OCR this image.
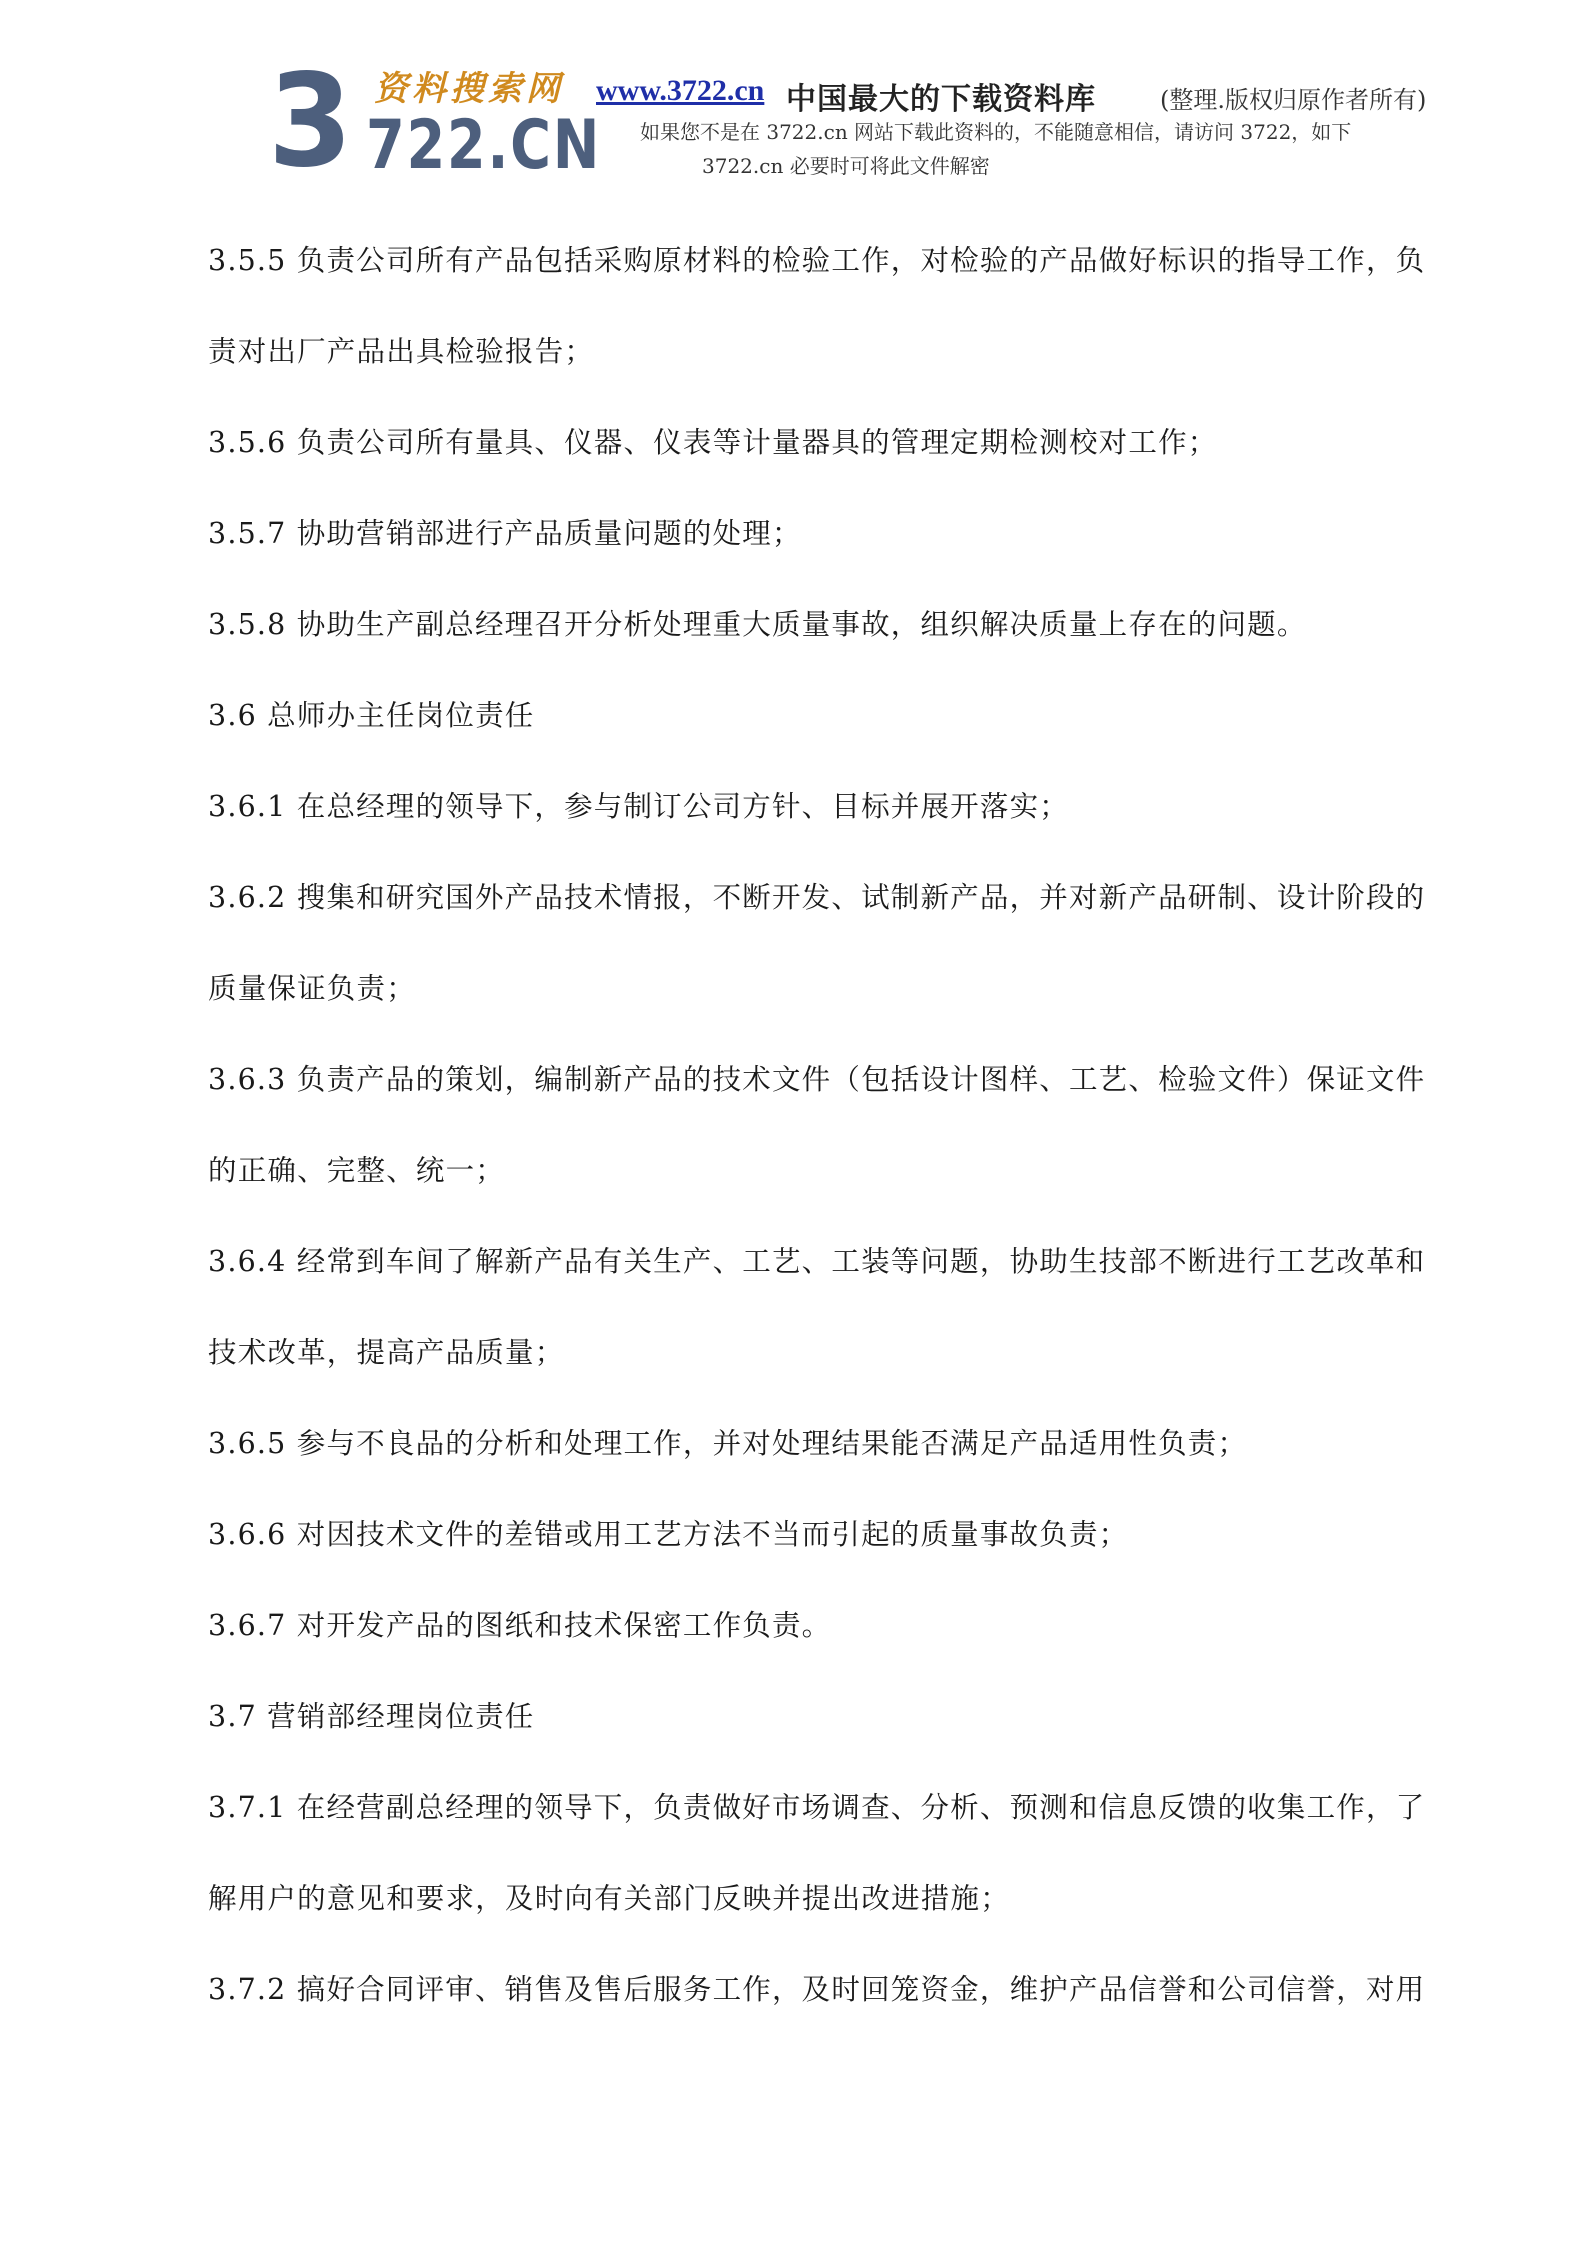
3 资料搜索网
722.CN
www.3722.cn 中国最大的下载资料库	(整理.版权归原作者所有)
如果您不是在 3722.cn 网站下载此资料的，不能随意相信，请访问 3722，如下
3722.cn 必要时可将此文件解密
3.5.5 负责公司所有产品包括采购原材料的检验工作，对检验的产品做好标识的指导工作，负
责对出厂产品出具检验报告；
3.5.6 负责公司所有量具、仪器、仪表等计量器具的管理定期检测校对工作；
3.5.7 协助营销部进行产品质量问题的处理；
3.5.8 协助生产副总经理召开分析处理重大质量事故，组织解决质量上存在的问题。
3.6 总师办主任岗位责任
3.6.1 在总经理的领导下，参与制订公司方针、目标并展开落实；
3.6.2 搜集和研究国外产品技术情报，不断开发、试制新产品，并对新产品研制、设计阶段的
质量保证负责；
3.6.3 负责产品的策划，编制新产品的技术文件（包括设计图样、工艺、检验文件）保证文件
的正确、完整、统一；
3.6.4 经常到车间了解新产品有关生产、工艺、工装等问题，协助生技部不断进行工艺改革和
技术改革，提高产品质量；
3.6.5 参与不良品的分析和处理工作，并对处理结果能否满足产品适用性负责；
3.6.6 对因技术文件的差错或用工艺方法不当而引起的质量事故负责；
3.6.7 对开发产品的图纸和技术保密工作负责。
3.7 营销部经理岗位责任
3.7.1 在经营副总经理的领导下，负责做好市场调查、分析、预测和信息反馈的收集工作，了
解用户的意见和要求，及时向有关部门反映并提出改进措施；
3.7.2 搞好合同评审、销售及售后服务工作，及时回笼资金，维护产品信誉和公司信誉，对用
